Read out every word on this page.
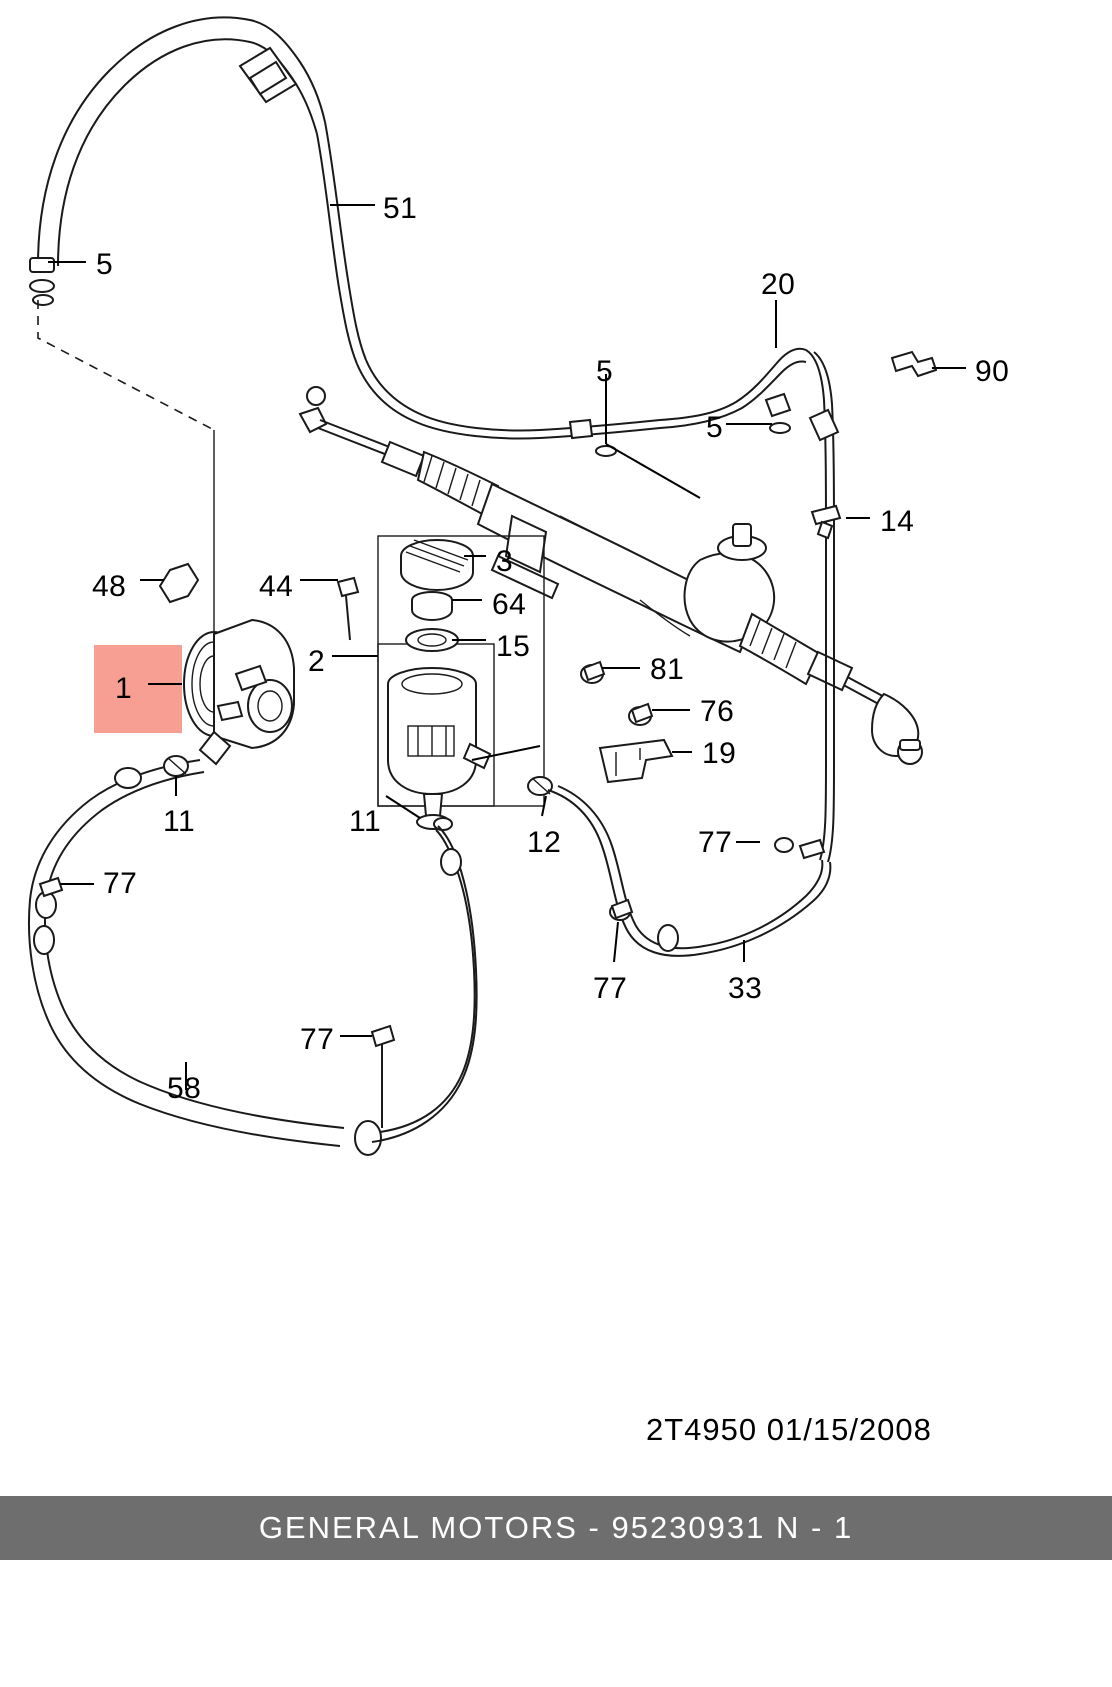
51
5
20
90
5
5
14
3
48	44
64
15
2
1
81
76
19
11	11
12	77
77
77	33
77
58
2T4950 01/15/2008
GENERAL MOTORS - 95230931 N - 1
